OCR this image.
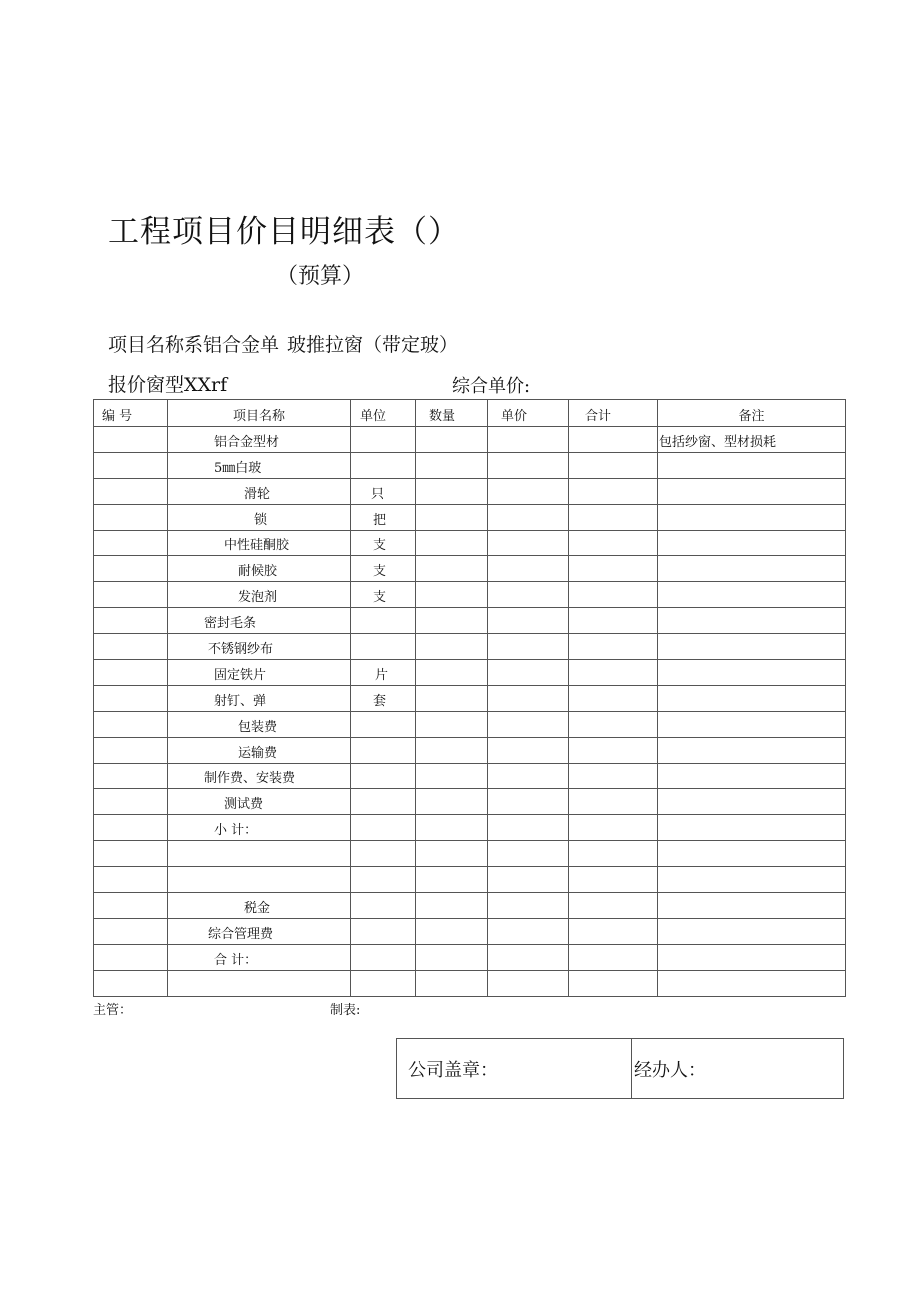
工程项目价目明细表（）
（预算）
项目名称系铝合金单 玻推拉窗（带定玻）
报价窗型XXrf	综合单价:
编 号	项目名称	单位	数量	单价	合计	备注
	铝合金型材					包括纱窗、型材损耗
	5㎜白玻					
	滑轮	只				
	锁	把				
	中性硅酮胶	支				
	耐候胶	支				
	发泡剂	支				
	密封毛条					
	不锈钢纱布					
	固定铁片	片				
	射钉、弹	套				
	包装费					
	运输费					
	制作费、安装费					
	测试费					
	小 计：					

	税金					
	综合管理费					
	合 计：					

主管：	制表:
公司盖章：	经办人：
